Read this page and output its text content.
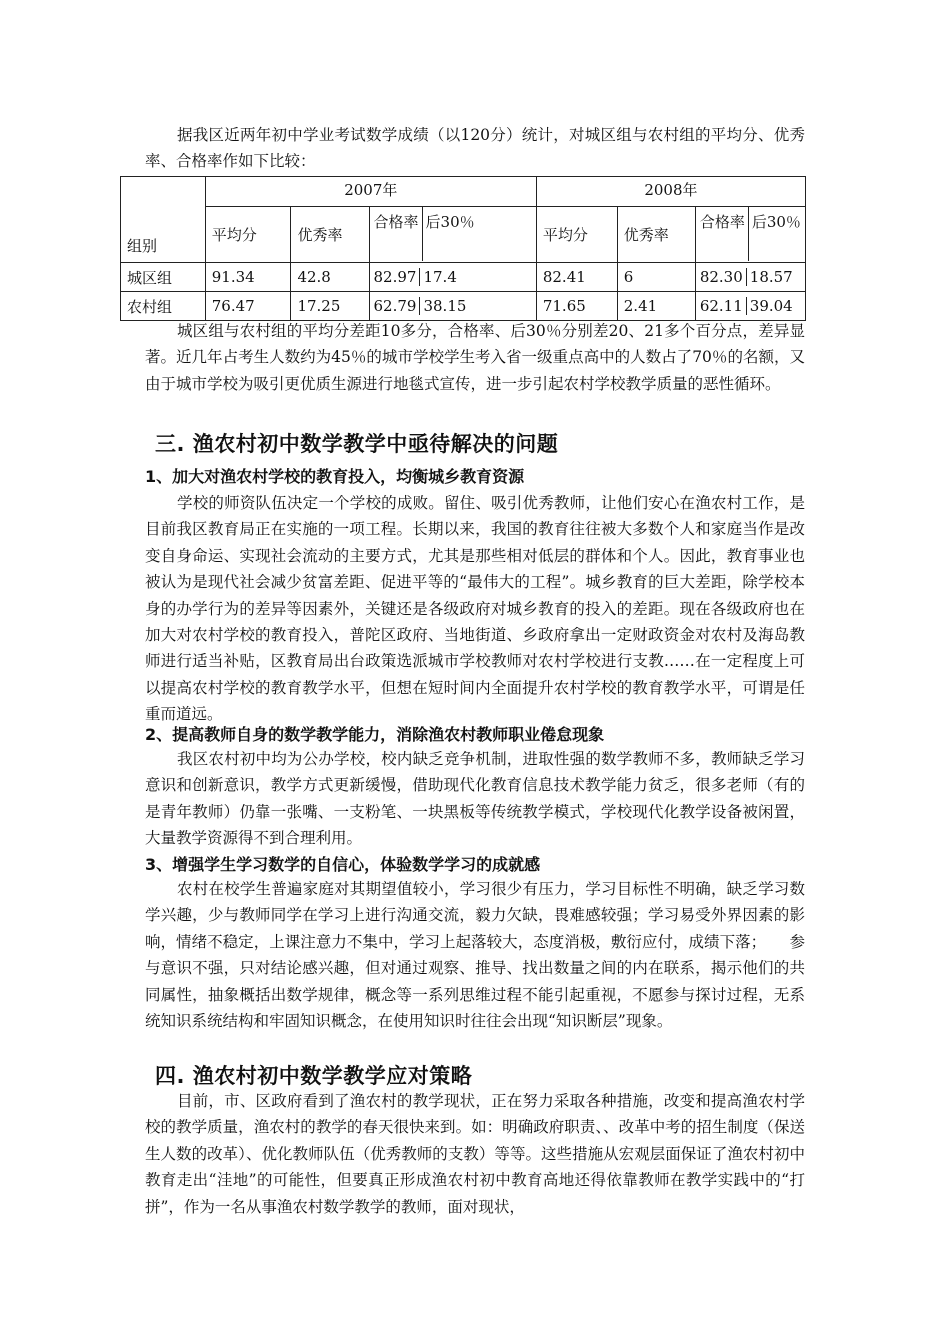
据我区近两年初中学业考试数学成绩（以120分）统计，对城区组与农村组的平均分、优秀率、合格率作如下比较：

组别	2007年			2008年		
	平均分	优秀率	合格率 后30％	平均分	优秀率	合格率 后30％

城区组	91.34	42.8	82.97 17.4	82.41	6	82.30 18.57

农村组	76.47	17.25	62.79 38.15	71.65	2.41	62.11 39.04

城区组与农村组的平均分差距10多分，合格率、后30％分别差20、21多个百分点，差异显著。近几年占考生人数约为45％的城市学校学生考入省一级重点高中的人数占了70％的名额，又由于城市学校为吸引更优质生源进行地毯式宣传，进一步引起农村学校教学质量的恶性循环。

三. 渔农村初中数学教学中亟待解决的问题
1、加大对渔农村学校的教育投入，均衡城乡教育资源

学校的师资队伍决定一个学校的成败。留住、吸引优秀教师，让他们安心在渔农村工作，是目前我区教育局正在实施的一项工程。长期以来，我国的教育往往被大多数个人和家庭当作是改变自身命运、实现社会流动的主要方式，尤其是那些相对低层的群体和个人。因此，教育事业也被认为是现代社会减少贫富差距、促进平等的“最伟大的工程”。城乡教育的巨大差距，除学校本身的办学行为的差异等因素外，关键还是各级政府对城乡教育的投入的差距。现在各级政府也在加大对农村学校的教育投入，普陀区政府、当地街道、乡政府拿出一定财政资金对农村及海岛教师进行适当补贴，区教育局出台政策选派城市学校教师对农村学校进行支教……在一定程度上可以提高农村学校的教育教学水平，但想在短时间内全面提升农村学校的教育教学水平，可谓是任重而道远。

2、提高教师自身的数学教学能力，消除渔农村教师职业倦怠现象

我区农村初中均为公办学校，校内缺乏竞争机制，进取性强的数学教师不多，教师缺乏学习意识和创新意识，教学方式更新缓慢，借助现代化教育信息技术教学能力贫乏，很多老师（有的是青年教师）仍靠一张嘴、一支粉笔、一块黑板等传统教学模式，学校现代化教学设备被闲置，大量教学资源得不到合理利用。

3、增强学生学习数学的自信心，体验数学学习的成就感

农村在校学生普遍家庭对其期望值较小，学习很少有压力，学习目标性不明确，缺乏学习数学兴趣，少与教师同学在学习上进行沟通交流，毅力欠缺，畏难感较强；学习易受外界因素的影响，情绪不稳定，上课注意力不集中，学习上起落较大，态度消极，敷衍应付，成绩下落；　　参与意识不强，只对结论感兴趣，但对通过观察、推导、找出数量之间的内在联系，揭示他们的共同属性，抽象概括出数学规律，概念等一系列思维过程不能引起重视，不愿参与探讨过程，无系统知识系统结构和牢固知识概念，在使用知识时往往会出现“知识断层”现象。

四. 渔农村初中数学教学应对策略

目前，市、区政府看到了渔农村的教学现状，正在努力采取各种措施，改变和提高渔农村学校的教学质量，渔农村的教学的春天很快来到。如：明确政府职责、、改革中考的招生制度（保送生人数的改革）、优化教师队伍（优秀教师的支教）等等。这些措施从宏观层面保证了渔农村初中教育走出“洼地”的可能性，但要真正形成渔农村初中教育高地还得依靠教师在教学实践中的“打拼”，作为一名从事渔农村数学教学的教师，面对现状，
